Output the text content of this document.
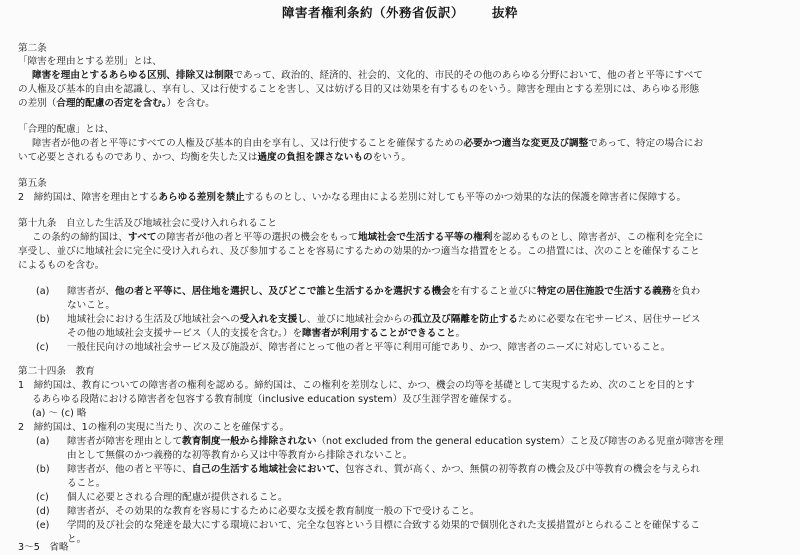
障害者権利条約（外務省仮訳） 抜粋
第二条
「障害を理由とする差別」とは、
障害を理由とするあらゆる区別、排除又は制限であって、政治的、経済的、社会的、文化的、市民的その他のあらゆる分野において、他の者と平等にすべて
の人権及び基本的自由を認識し、享有し、又は行使することを害し、又は妨げる目的又は効果を有するものをいう。障害を理由とする差別には、あらゆる形態
の差別（合理的配慮の否定を含む。）を含む。
「合理的配慮」とは、
障害者が他の者と平等にすべての人権及び基本的自由を享有し、又は行使することを確保するための必要かつ適当な変更及び調整であって、特定の場合にお
いて必要とされるものであり、かつ、均衡を失した又は過度の負担を課さないものをいう。
第五条
2　締約国は、障害を理由とするあらゆる差別を禁止するものとし、いかなる理由による差別に対しても平等のかつ効果的な法的保護を障害者に保障する。
第十九条　自立した生活及び地域社会に受け入れられること
この条約の締約国は、すべての障害者が他の者と平等の選択の機会をもって地域社会で生活する平等の権利を認めるものとし、障害者が、この権利を完全に
享受し、並びに地域社会に完全に受け入れられ、及び参加することを容易にするための効果的かつ適当な措置をとる。この措置には、次のことを確保すること
によるものを含む。
(a) 障害者が、他の者と平等に、居住地を選択し、及びどこで誰と生活するかを選択する機会を有すること並びに特定の居住施設で生活する義務を負わ
ないこと。
(b) 地域社会における生活及び地域社会への受入れを支援し、並びに地域社会からの孤立及び隔離を防止するために必要な在宅サービス、居住サービス
その他の地域社会支援サービス（人的支援を含む。）を障害者が利用することができること。
(c) 一般住民向けの地域社会サービス及び施設が、障害者にとって他の者と平等に利用可能であり、かつ、障害者のニーズに対応していること。
第二十四条　教育
1　締約国は、教育についての障害者の権利を認める。締約国は、この権利を差別なしに、かつ、機会の均等を基礎として実現するため、次のことを目的とす
るあらゆる段階における障害者を包容する教育制度（inclusive education system）及び生涯学習を確保する。
(a) ～ (c) 略
2　締約国は、1の権利の実現に当たり、次のことを確保する。
(a) 障害者が障害を理由として教育制度一般から排除されない（not excluded from the general education system）こと及び障害のある児童が障害を理
由として無償のかつ義務的な初等教育から又は中等教育から排除されないこと。
(b) 障害者が、他の者と平等に、自己の生活する地域社会において、包容され、質が高く、かつ、無償の初等教育の機会及び中等教育の機会を与えられ
ること。
(c) 個人に必要とされる合理的配慮が提供されること。
(d) 障害者が、その効果的な教育を容易にするために必要な支援を教育制度一般の下で受けること。
(e) 学問的及び社会的な発達を最大にする環境において、完全な包容という目標に合致する効果的で個別化された支援措置がとられることを確保するこ
と。
3～5　省略
